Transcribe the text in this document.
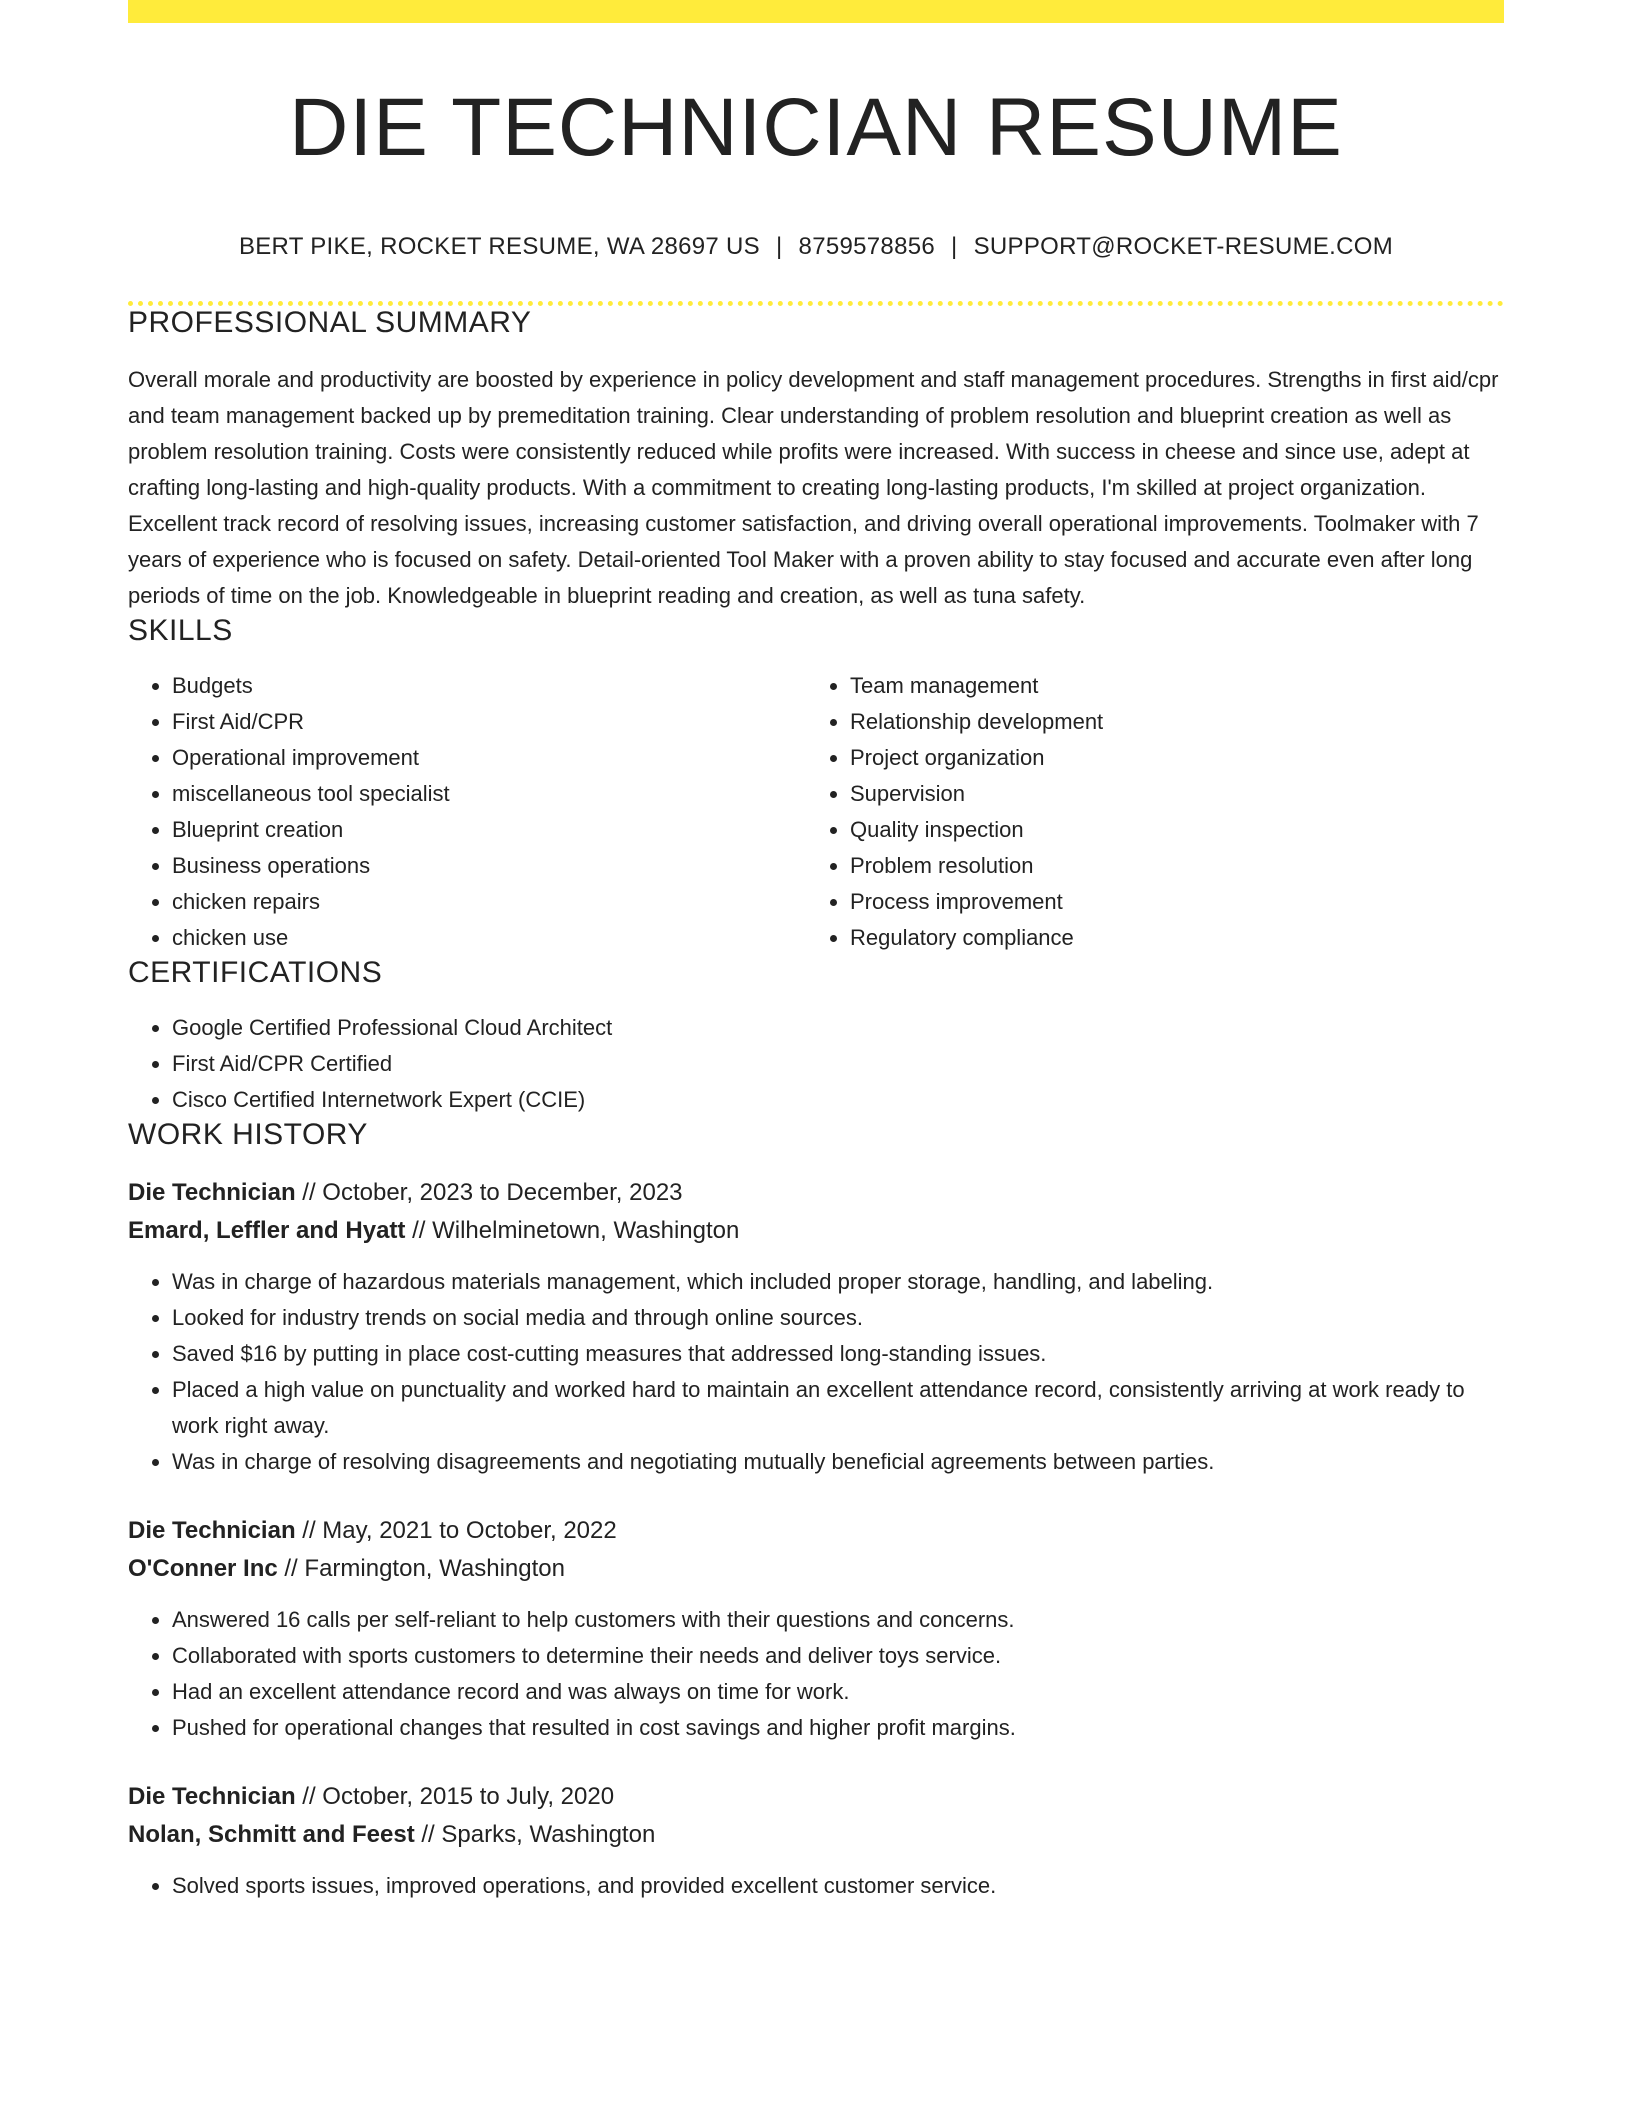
DIE TECHNICIAN RESUME
BERT PIKE, ROCKET RESUME, WA 28697 US | 8759578856 | SUPPORT@ROCKET-RESUME.COM
PROFESSIONAL SUMMARY

Overall morale and productivity are boosted by experience in policy development and staff management procedures. Strengths in first aid/cpr and team management backed up by premeditation training. Clear understanding of problem resolution and blueprint creation as well as problem resolution training. Costs were consistently reduced while profits were increased. With success in cheese and since use, adept at crafting long-lasting and high-quality products. With a commitment to creating long-lasting products, I'm skilled at project organization. Excellent track record of resolving issues, increasing customer satisfaction, and driving overall operational improvements. Toolmaker with 7 years of experience who is focused on safety. Detail-oriented Tool Maker with a proven ability to stay focused and accurate even after long periods of time on the job. Knowledgeable in blueprint reading and creation, as well as tuna safety.

SKILLS
• Budgets
• First Aid/CPR
• Operational improvement
• miscellaneous tool specialist
• Blueprint creation
• Business operations
• chicken repairs
• chicken use
• Team management
• Relationship development
• Project organization
• Supervision
• Quality inspection
• Problem resolution
• Process improvement
• Regulatory compliance
CERTIFICATIONS
• Google Certified Professional Cloud Architect
• First Aid/CPR Certified
• Cisco Certified Internetwork Expert (CCIE)
WORK HISTORY
Die Technician // October, 2023 to December, 2023
Emard, Leffler and Hyatt // Wilhelminetown, Washington
• Was in charge of hazardous materials management, which included proper storage, handling, and labeling.
• Looked for industry trends on social media and through online sources.
• Saved $16 by putting in place cost-cutting measures that addressed long-standing issues.
• Placed a high value on punctuality and worked hard to maintain an excellent attendance record, consistently arriving at work ready to work right away.
• Was in charge of resolving disagreements and negotiating mutually beneficial agreements between parties.
Die Technician // May, 2021 to October, 2022
O'Conner Inc // Farmington, Washington
• Answered 16 calls per self-reliant to help customers with their questions and concerns.
• Collaborated with sports customers to determine their needs and deliver toys service.
• Had an excellent attendance record and was always on time for work.
• Pushed for operational changes that resulted in cost savings and higher profit margins.
Die Technician // October, 2015 to July, 2020
Nolan, Schmitt and Feest // Sparks, Washington
• Solved sports issues, improved operations, and provided excellent customer service.
